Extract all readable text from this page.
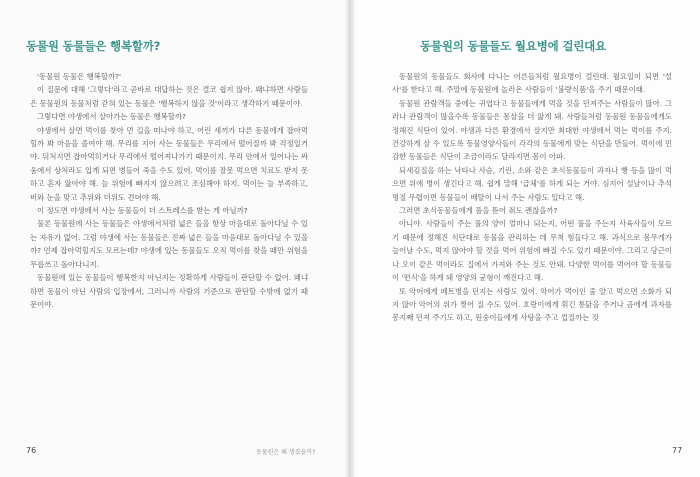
동물원 동물들은 행복할까?

'동물원 동물은 행복할까?'

이 질문에 대해 '그렇다'라고 곧바로 대답하는 것은 결코 쉽지 않아. 왜냐하면 사람들은 동물원의 동물처럼 갇혀 있는 동물은 '행복하지 않을 것'이라고 생각하기 때문이야.

그렇다면 야생에서 살아가는 동물은 행복할까?

야생에서 살면 먹이를 찾아 먼 길을 떠나야 하고, 어린 새끼가 다른 동물에게 잡아먹힐까 봐 마음을 졸여야 해. 무리를 지어 사는 동물들은 무리에서 떨어질까 봐 걱정일거야. 뒤처지면 잡아먹히거나 무리에서 떨어져나가기 때문이지. 무리 안에서 일어나는 싸움에서 상처라도 입게 되면 병들어 죽을 수도 있어. 먹이를 잘못 먹으면 치료도 받지 못하고 혼자 앓아야 해. 늘 위험에 빠지지 않으려고 조심해야 하지. 먹이는 늘 부족하고, 비와 눈을 맞고 추위와 더위도 견뎌야 해.

이 정도면 야생에서 사는 동물들이 더 스트레스를 받는 게 아닐까?

물론 동물원에 사는 동물들은 야생에서처럼 넓은 들을 항상 마음대로 돌아다닐 수 있는 자유가 없어. 그럼 야생에 사는 동물들은 진짜 넓은 들을 마음대로 돌아다닐 수 있을까? 언제 잡아먹힐지도 모르는데? 야생에 있는 동물들도 오직 먹이를 찾을 때만 위험을 무릅쓰고 돌아다니지.

동물원에 있는 동물들이 행복한지 아닌지는 정확하게 사람들이 판단할 수 없어. 왜냐하면 동물이 아닌 사람의 입장에서, 그러니까 사람의 기준으로 판단할 수밖에 없기 때문이야.

76	동물원은 왜 생겼을까?
동물원의 동물들도 월요병에 걸린대요

동물원의 동물들도 회사에 다니는 어른들처럼 월요병이 걸린대. 월요일이 되면 '설사'를 한다고 해. 주말에 동물원에 놀러온 사람들이 '불량식품'을 주기 때문이래.

동물원 관람객들 중에는 귀엽다고 동물들에게 먹을 것을 던져주는 사람들이 많아. 그러나 관람객이 많을수록 동물들은 몸살을 더 앓게 돼. 사람들처럼 동물원 동물들에게도 정해진 식단이 있어. 야생과 다른 환경에서 살지만 최대한 야생에서 먹는 먹이를 주지. 건강하게 살 수 있도록 동물영양사들이 각각의 동물에게 맞는 식단을 만들어. 먹이에 민감한 동물들은 식단이 조금이라도 달라지면 몸이 아파.

되새김질을 하는 낙타나 사슴, 기린, 소와 같은 초식동물들이 과자나 빵 등을 많이 먹으면 위에 병이 생긴다고 해. 쉽게 말해 '급체'를 하게 되는 거야. 심지어 설날이나 추석 명절 무렵이면 동물들이 배탈이 나서 주는 사람도 있다고 해.

그러면 초식동물들에게 풀을 뜯어 줘도 괜찮을까?

아니야. 사람들이 주는 풀의 양이 얼마나 되는지, 어떤 풀을 주는지 사육사들이 모르기 때문에 정해진 식단대로 동물을 관리하는 데 무척 힘들다고 해. 과식으로 몸무게가 늘어날 수도, 먹지 않아야 할 것을 먹어 위험에 빠질 수도 있기 때문이야. 그리고 당근이나 오이 같은 먹이라도 집에서 가져와 주는 것도 안돼. 다양한 먹이를 먹어야 할 동물들이 '편식'을 하게 돼 영양의 균형이 깨진다고 해.

또 악어에게 페트병을 던지는 사람도 있어. 악어가 먹이인 줄 알고 먹으면 소화가 되지 않아 악어의 위가 찢어 질 수도 있어. 호랑이에게 휘긴 통닭을 주거나 곰에게 과자를 봉지째 던져 주기도 하고, 원숭이들에게 사탕을 주고 껍질까는 것

77
